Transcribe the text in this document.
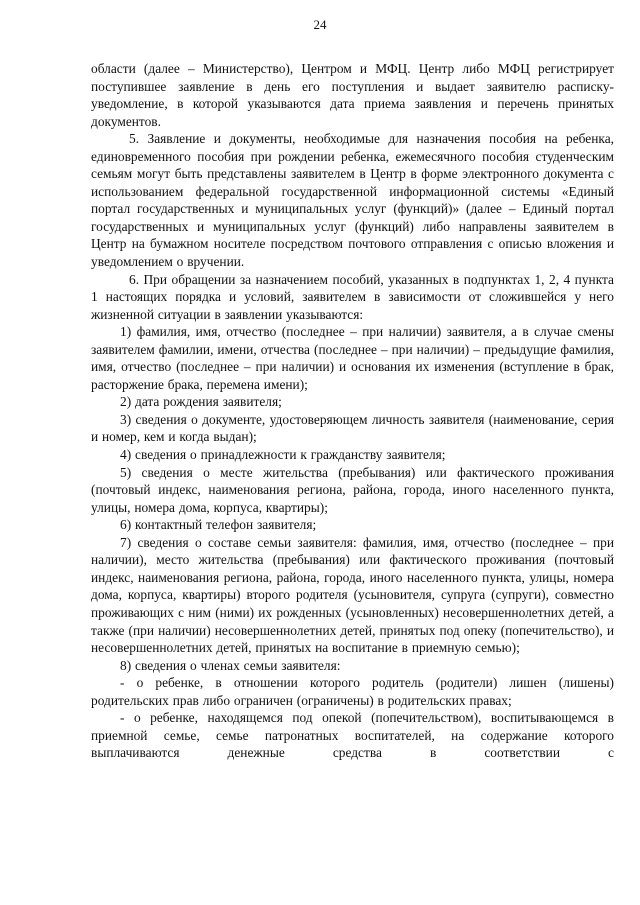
24

области (далее – Министерство), Центром и МФЦ. Центр либо МФЦ регистрирует поступившее заявление в день его поступления и выдает заявителю расписку-уведомление, в которой указываются дата приема заявления и перечень принятых документов.

5. Заявление и документы, необходимые для назначения пособия на ребенка, единовременного пособия при рождении ребенка, ежемесячного пособия студенческим семьям могут быть представлены заявителем в Центр в форме электронного документа с использованием федеральной государственной информационной системы «Единый портал государственных и муниципальных услуг (функций)» (далее – Единый портал государственных и муниципальных услуг (функций) либо направлены заявителем в Центр на бумажном носителе посредством почтового отправления с описью вложения и уведомлением о вручении.

6. При обращении за назначением пособий, указанных в подпунктах 1, 2, 4 пункта 1 настоящих порядка и условий, заявителем в зависимости от сложившейся у него жизненной ситуации в заявлении указываются:

1) фамилия, имя, отчество (последнее – при наличии) заявителя, а в случае смены заявителем фамилии, имени, отчества (последнее – при наличии) – предыдущие фамилия, имя, отчество (последнее – при наличии) и основания их изменения (вступление в брак, расторжение брака, перемена имени);

2) дата рождения заявителя;

3) сведения о документе, удостоверяющем личность заявителя (наименование, серия и номер, кем и когда выдан);

4) сведения о принадлежности к гражданству заявителя;

5) сведения о месте жительства (пребывания) или фактического проживания (почтовый индекс, наименования региона, района, города, иного населенного пункта, улицы, номера дома, корпуса, квартиры);

6) контактный телефон заявителя;

7) сведения о составе семьи заявителя: фамилия, имя, отчество (последнее – при наличии), место жительства (пребывания) или фактического проживания (почтовый индекс, наименования региона, района, города, иного населенного пункта, улицы, номера дома, корпуса, квартиры) второго родителя (усыновителя, супруга (супруги), совместно проживающих с ним (ними) их рожденных (усыновленных) несовершеннолетних детей, а также (при наличии) несовершеннолетних детей, принятых под опеку (попечительство), и несовершеннолетних детей, принятых на воспитание в приемную семью);

8) сведения о членах семьи заявителя:

- о ребенке, в отношении которого родитель (родители) лишен (лишены) родительских прав либо ограничен (ограничены) в родительских правах;

- о ребенке, находящемся под опекой (попечительством), воспитывающемся в приемной семье, семье патронатных воспитателей, на содержание которого выплачиваются денежные средства в соответствии с
